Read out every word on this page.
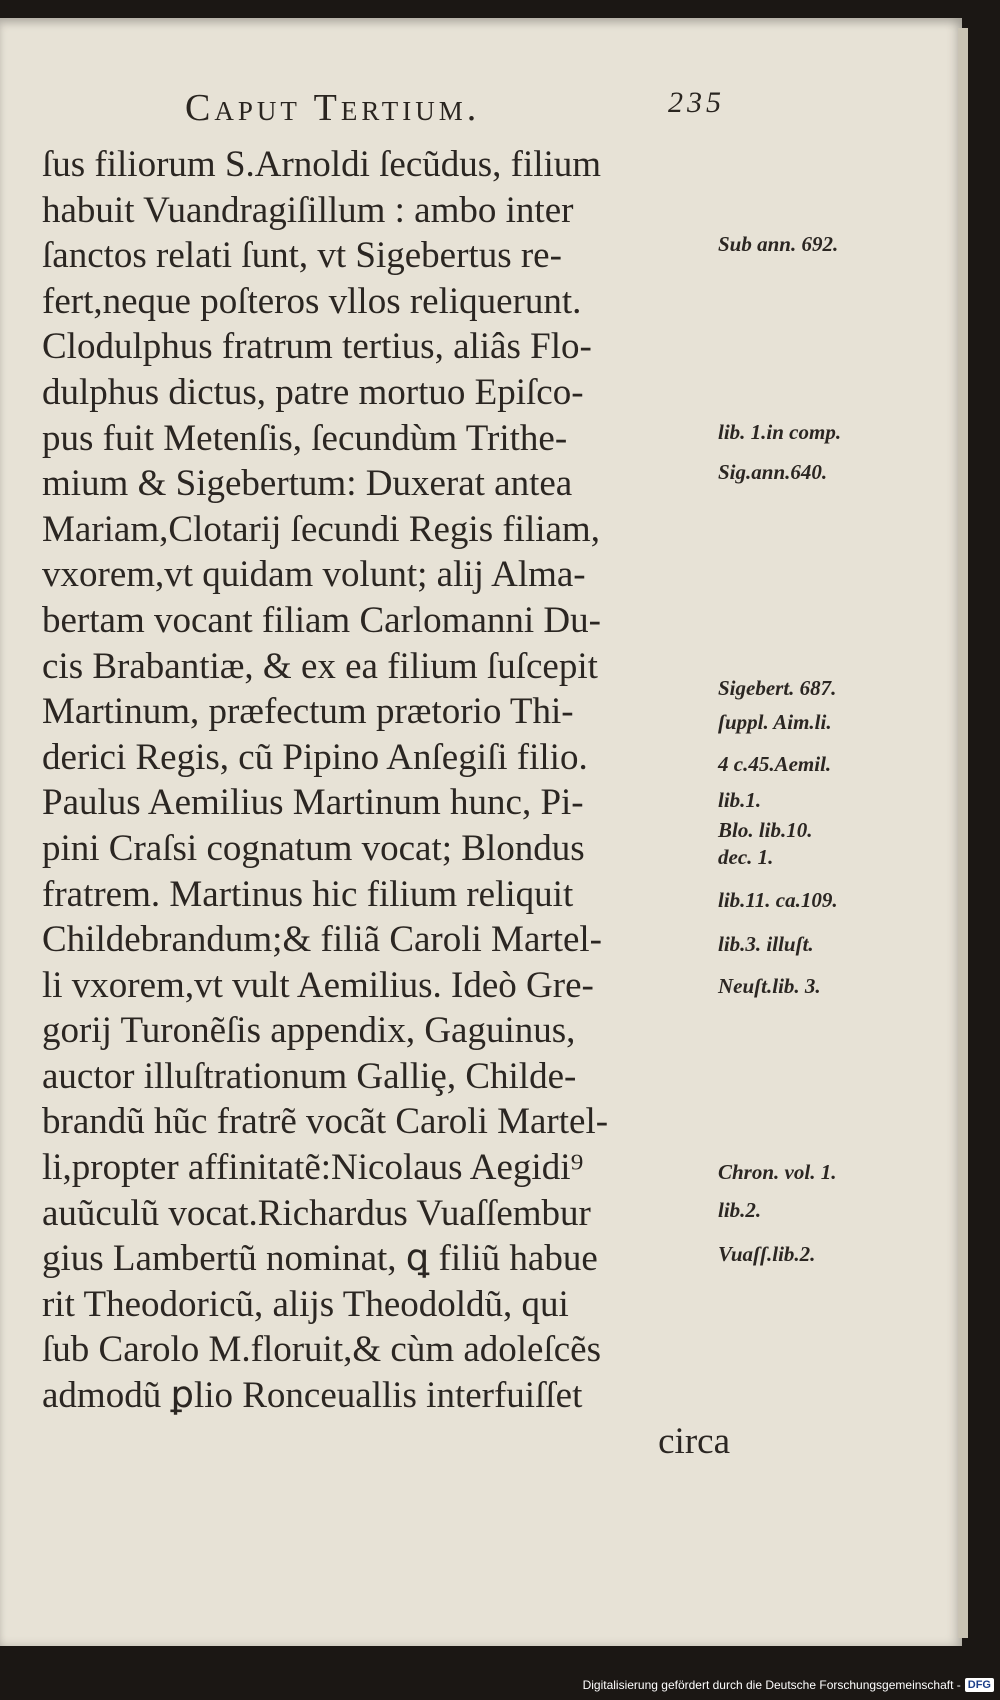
Caput Tertium.	235
ſus filiorum S.Arnoldi ſecũdus, filium
habuit Vuandragiſillum : ambo inter
ſanctos relati ſunt, vt Sigebertus re-
fert,neque poſteros vllos reliquerunt.
Clodulphus fratrum tertius, aliâs Flo-
dulphus dictus, patre mortuo Epiſco-
pus fuit Metenſis, ſecundùm Trithe-
mium & Sigebertum: Duxerat antea
Mariam,Clotarij ſecundi Regis filiam,
vxorem,vt quidam volunt; alij Alma-
bertam vocant filiam Carlomanni Du-
cis Brabantiæ, & ex ea filium ſuſcepit
Martinum, præfectum prætorio Thi-
derici Regis, cũ Pipino Anſegiſi filio.
Paulus Aemilius Martinum hunc, Pi-
pini Craſsi cognatum vocat; Blondus
fratrem. Martinus hic filium reliquit
Childebrandum;& filiã Caroli Martel-
li vxorem,vt vult Aemilius. Ideò Gre-
gorij Turonẽſis appendix, Gaguinus,
auctor illuſtrationum Galliȩ, Childe-
brandũ hũc fratrẽ vocãt Caroli Martel-
li,propter affinitatẽ:Nicolaus Aegidi⁹
auũculũ vocat.Richardus Vuaſſembur
gius Lambertũ nominat, ꝗ filiũ habue
rit Theodoricũ, alijs Theodoldũ, qui
ſub Carolo M.floruit,& cùm adoleſcẽs
admodũ ꝑlio Ronceuallis interfuiſſet
circa
Sub ann. 692.
lib. 1.in comp.
Sig.ann.640.
Sigebert. 687.
ſuppl. Aim.li.
4 c.45.Aemil.
lib.1.
Blo. lib.10.
dec. 1.
lib.11. ca.109.
lib.3. illuſt.
Neuſt.lib. 3.
Chron. vol. 1.
lib.2.
Vuaſſ.lib.2.
Digitalisierung gefördert durch die Deutsche Forschungsgemeinschaft - DFG
